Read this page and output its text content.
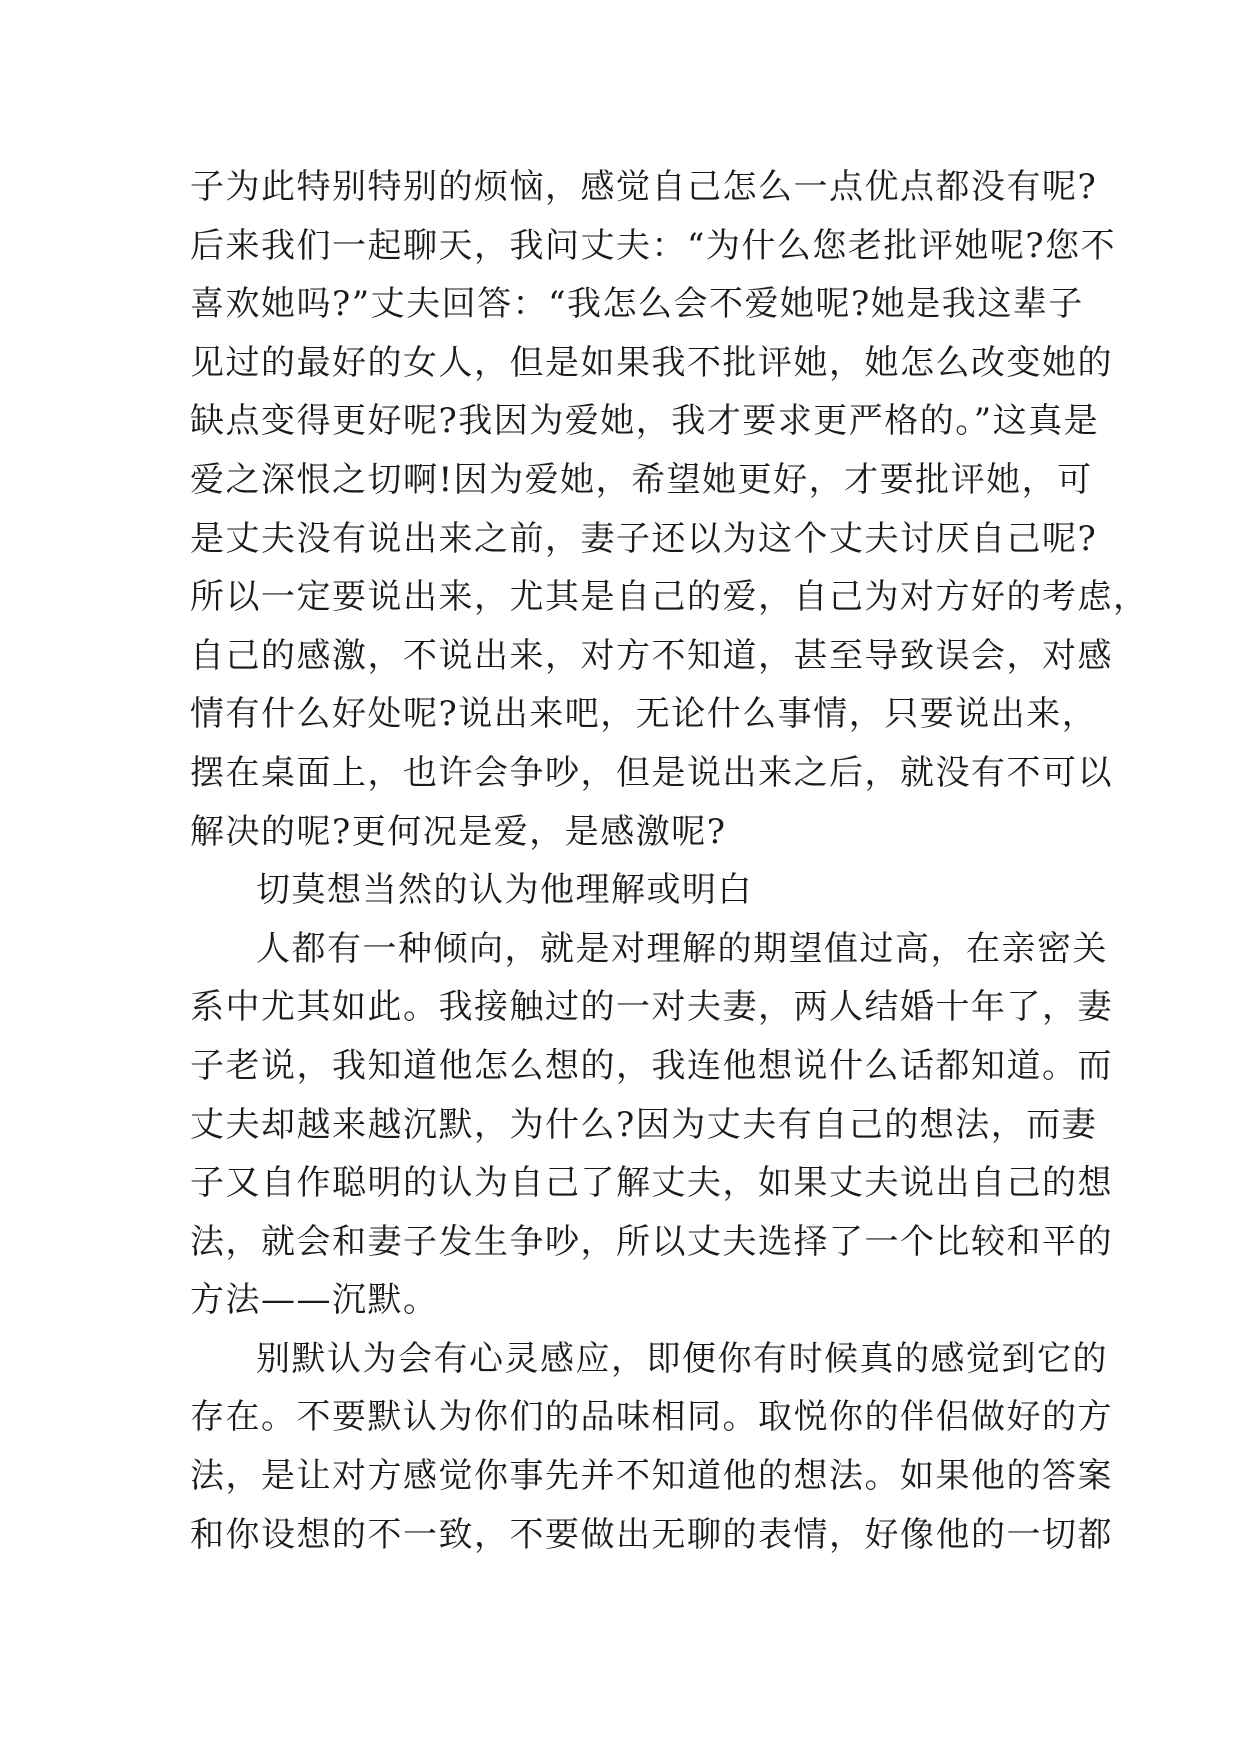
子为此特别特别的烦恼，感觉自己怎么一点优点都没有呢?
后来我们一起聊天，我问丈夫：“为什么您老批评她呢?您不
喜欢她吗?”丈夫回答：“我怎么会不爱她呢?她是我这辈子
见过的最好的女人，但是如果我不批评她，她怎么改变她的
缺点变得更好呢?我因为爱她，我才要求更严格的。”这真是
爱之深恨之切啊!因为爱她，希望她更好，才要批评她，可
是丈夫没有说出来之前，妻子还以为这个丈夫讨厌自己呢?
所以一定要说出来，尤其是自己的爱，自己为对方好的考虑，
自己的感激，不说出来，对方不知道，甚至导致误会，对感
情有什么好处呢?说出来吧，无论什么事情，只要说出来，
摆在桌面上，也许会争吵，但是说出来之后，就没有不可以
解决的呢?更何况是爱，是感激呢?
切莫想当然的认为他理解或明白
人都有一种倾向，就是对理解的期望值过高，在亲密关
系中尤其如此。我接触过的一对夫妻，两人结婚十年了，妻
子老说，我知道他怎么想的，我连他想说什么话都知道。而
丈夫却越来越沉默，为什么?因为丈夫有自己的想法，而妻
子又自作聪明的认为自己了解丈夫，如果丈夫说出自己的想
法，就会和妻子发生争吵，所以丈夫选择了一个比较和平的
方法——沉默。
别默认为会有心灵感应，即便你有时候真的感觉到它的
存在。不要默认为你们的品味相同。取悦你的伴侣做好的方
法，是让对方感觉你事先并不知道他的想法。如果他的答案
和你设想的不一致，不要做出无聊的表情，好像他的一切都
